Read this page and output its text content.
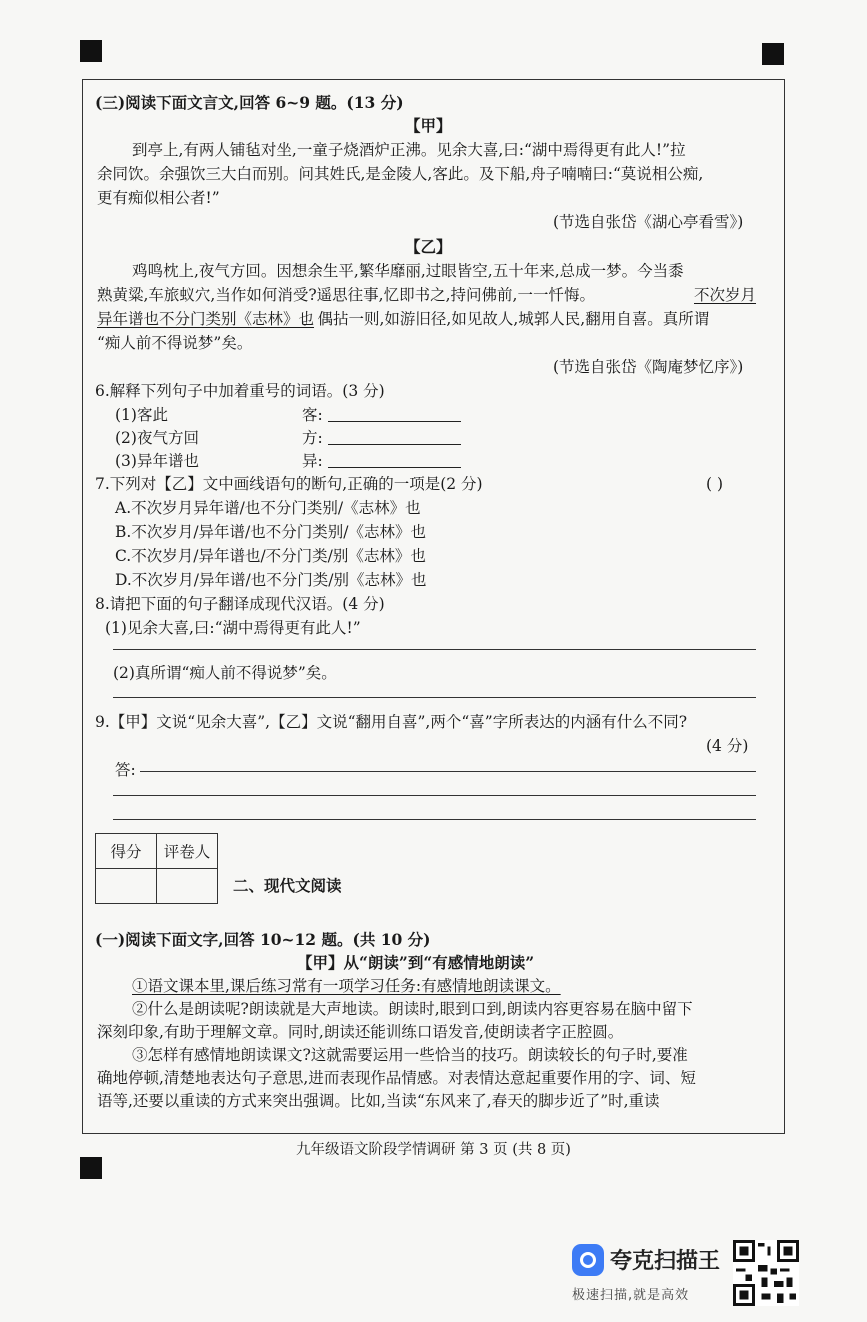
(三)阅读下面文言文,回答 6~9 题。(13 分)
【甲】
到亭上,有两人铺毡对坐,一童子烧酒炉正沸。见余大喜,曰:“湖中焉得更有此人!”拉
余同饮。余强饮三大白而别。问其姓氏,是金陵人,客此。及下船,舟子喃喃曰:“莫说相公痴,
更有痴似相公者!”
(节选自张岱《湖心亭看雪》)
【乙】
鸡鸣枕上,夜气方回。因想余生平,繁华靡丽,过眼皆空,五十年来,总成一梦。今当黍
熟黄粱,车旅蚁穴,当作如何消受?遥思往事,忆即书之,持问佛前,一一忏悔。	不次岁月
异年谱也不分门类别《志林》也
。偶拈一则,如游旧径,如见故人,城郭人民,翻用自喜。真所谓
“痴人前不得说梦”矣。
(节选自张岱《陶庵梦忆序》)
6.解释下列句子中加着重号的词语。(3 分)
(1)客此	客:
(2)夜气方回	方:
(3)异年谱也	异:
7.下列对【乙】文中画线语句的断句,正确的一项是(2 分)	( )
A.不次岁月异年谱/也不分门类别/《志林》也
B.不次岁月/异年谱/也不分门类别/《志林》也
C.不次岁月/异年谱也/不分门类/别《志林》也
D.不次岁月/异年谱/也不分门类/别《志林》也
8.请把下面的句子翻译成现代汉语。(4 分)
(1)见余大喜,曰:“湖中焉得更有此人!”
(2)真所谓“痴人前不得说梦”矣。
9.【甲】文说“见余大喜”,【乙】文说“翻用自喜”,两个“喜”字所表达的内涵有什么不同?
(4 分)
答:
得分	评卷人

二、现代文阅读
(一)阅读下面文字,回答 10~12 题。(共 10 分)
【甲】从“朗读”到“有感情地朗读”
①语文课本里,课后练习常有一项学习任务:有感情地朗读课文。
②什么是朗读呢?朗读就是大声地读。朗读时,眼到口到,朗读内容更容易在脑中留下
深刻印象,有助于理解文章。同时,朗读还能训练口语发音,使朗读者字正腔圆。
③怎样有感情地朗读课文?这就需要运用一些恰当的技巧。朗读较长的句子时,要准
确地停顿,清楚地表达句子意思,进而表现作品情感。对表情达意起重要作用的字、词、短
语等,还要以重读的方式来突出强调。比如,当读“东风来了,春天的脚步近了”时,重读
九年级语文阶段学情调研 第 3 页 (共 8 页)
夸克扫描王
极速扫描,就是高效
